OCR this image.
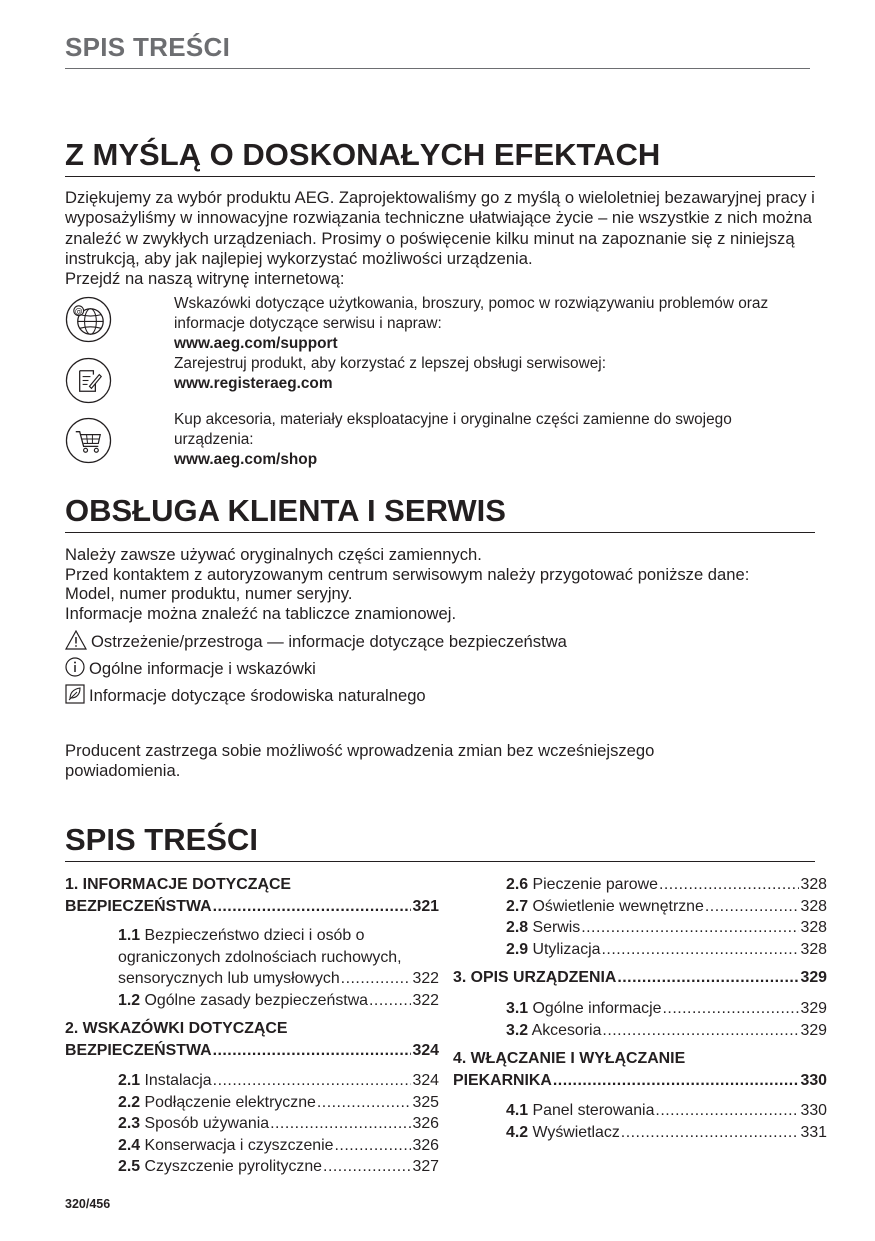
SPIS TREŚCI
Z MYŚLĄ O DOSKONAŁYCH EFEKTACH
Dziękujemy za wybór produktu AEG. Zaprojektowaliśmy go z myślą o wieloletniej bezawaryjnej pracy i wyposażyliśmy w innowacyjne rozwiązania techniczne ułatwiające życie – nie wszystkie z nich można znaleźć w zwykłych urządzeniach. Prosimy o poświęcenie kilku minut na zapoznanie się z niniejszą instrukcją, aby jak najlepiej wykorzystać możliwości urządzenia.
Przejdź na naszą witrynę internetową:
@	Wskazówki dotyczące użytkowania, broszury, pomoc w rozwiązywaniu problemów oraz informacje dotyczące serwisu i napraw:
www.aeg.com/support
Zarejestruj produkt, aby korzystać z lepszej obsługi serwisowej:
www.registeraeg.com
Kup akcesoria, materiały eksploatacyjne i oryginalne części zamienne do swojego urządzenia:
www.aeg.com/shop
OBSŁUGA KLIENTA I SERWIS
Należy zawsze używać oryginalnych części zamiennych.
Przed kontaktem z autoryzowanym centrum serwisowym należy przygotować poniższe dane:
Model, numer produktu, numer seryjny.
Informacje można znaleźć na tabliczce znamionowej.
Ostrzeżenie/przestroga — informacje dotyczące bezpieczeństwa
Ogólne informacje i wskazówki
Informacje dotyczące środowiska naturalnego
Producent zastrzega sobie możliwość wprowadzenia zmian bez wcześniejszego powiadomienia.
SPIS TREŚCI
1. INFORMACJE DOTYCZĄCE
BEZPIECZEŃSTWA .....	321
1.1 Bezpieczeństwo dzieci i osób o
ograniczonych zdolnościach ruchowych,
sensorycznych lub umysłowych .....	322
1.2 Ogólne zasady bezpieczeństwa .....	322
2. WSKAZÓWKI DOTYCZĄCE
BEZPIECZEŃSTWA .....	324
2.1 Instalacja .....	324
2.2 Podłączenie elektryczne .....	325
2.3 Sposób używania .....	326
2.4 Konserwacja i czyszczenie .....	326
2.5 Czyszczenie pyrolityczne .....	327
2.6 Pieczenie parowe .....	328
2.7 Oświetlenie wewnętrzne .....	328
2.8 Serwis .....	328
2.9 Utylizacja .....	328
3. OPIS URZĄDZENIA .....	329
3.1 Ogólne informacje .....	329
3.2 Akcesoria .....	329
4. WŁĄCZANIE I WYŁĄCZANIE
PIEKARNIKA .....	330
4.1 Panel sterowania .....	330
4.2 Wyświetlacz .....	331
320/456
